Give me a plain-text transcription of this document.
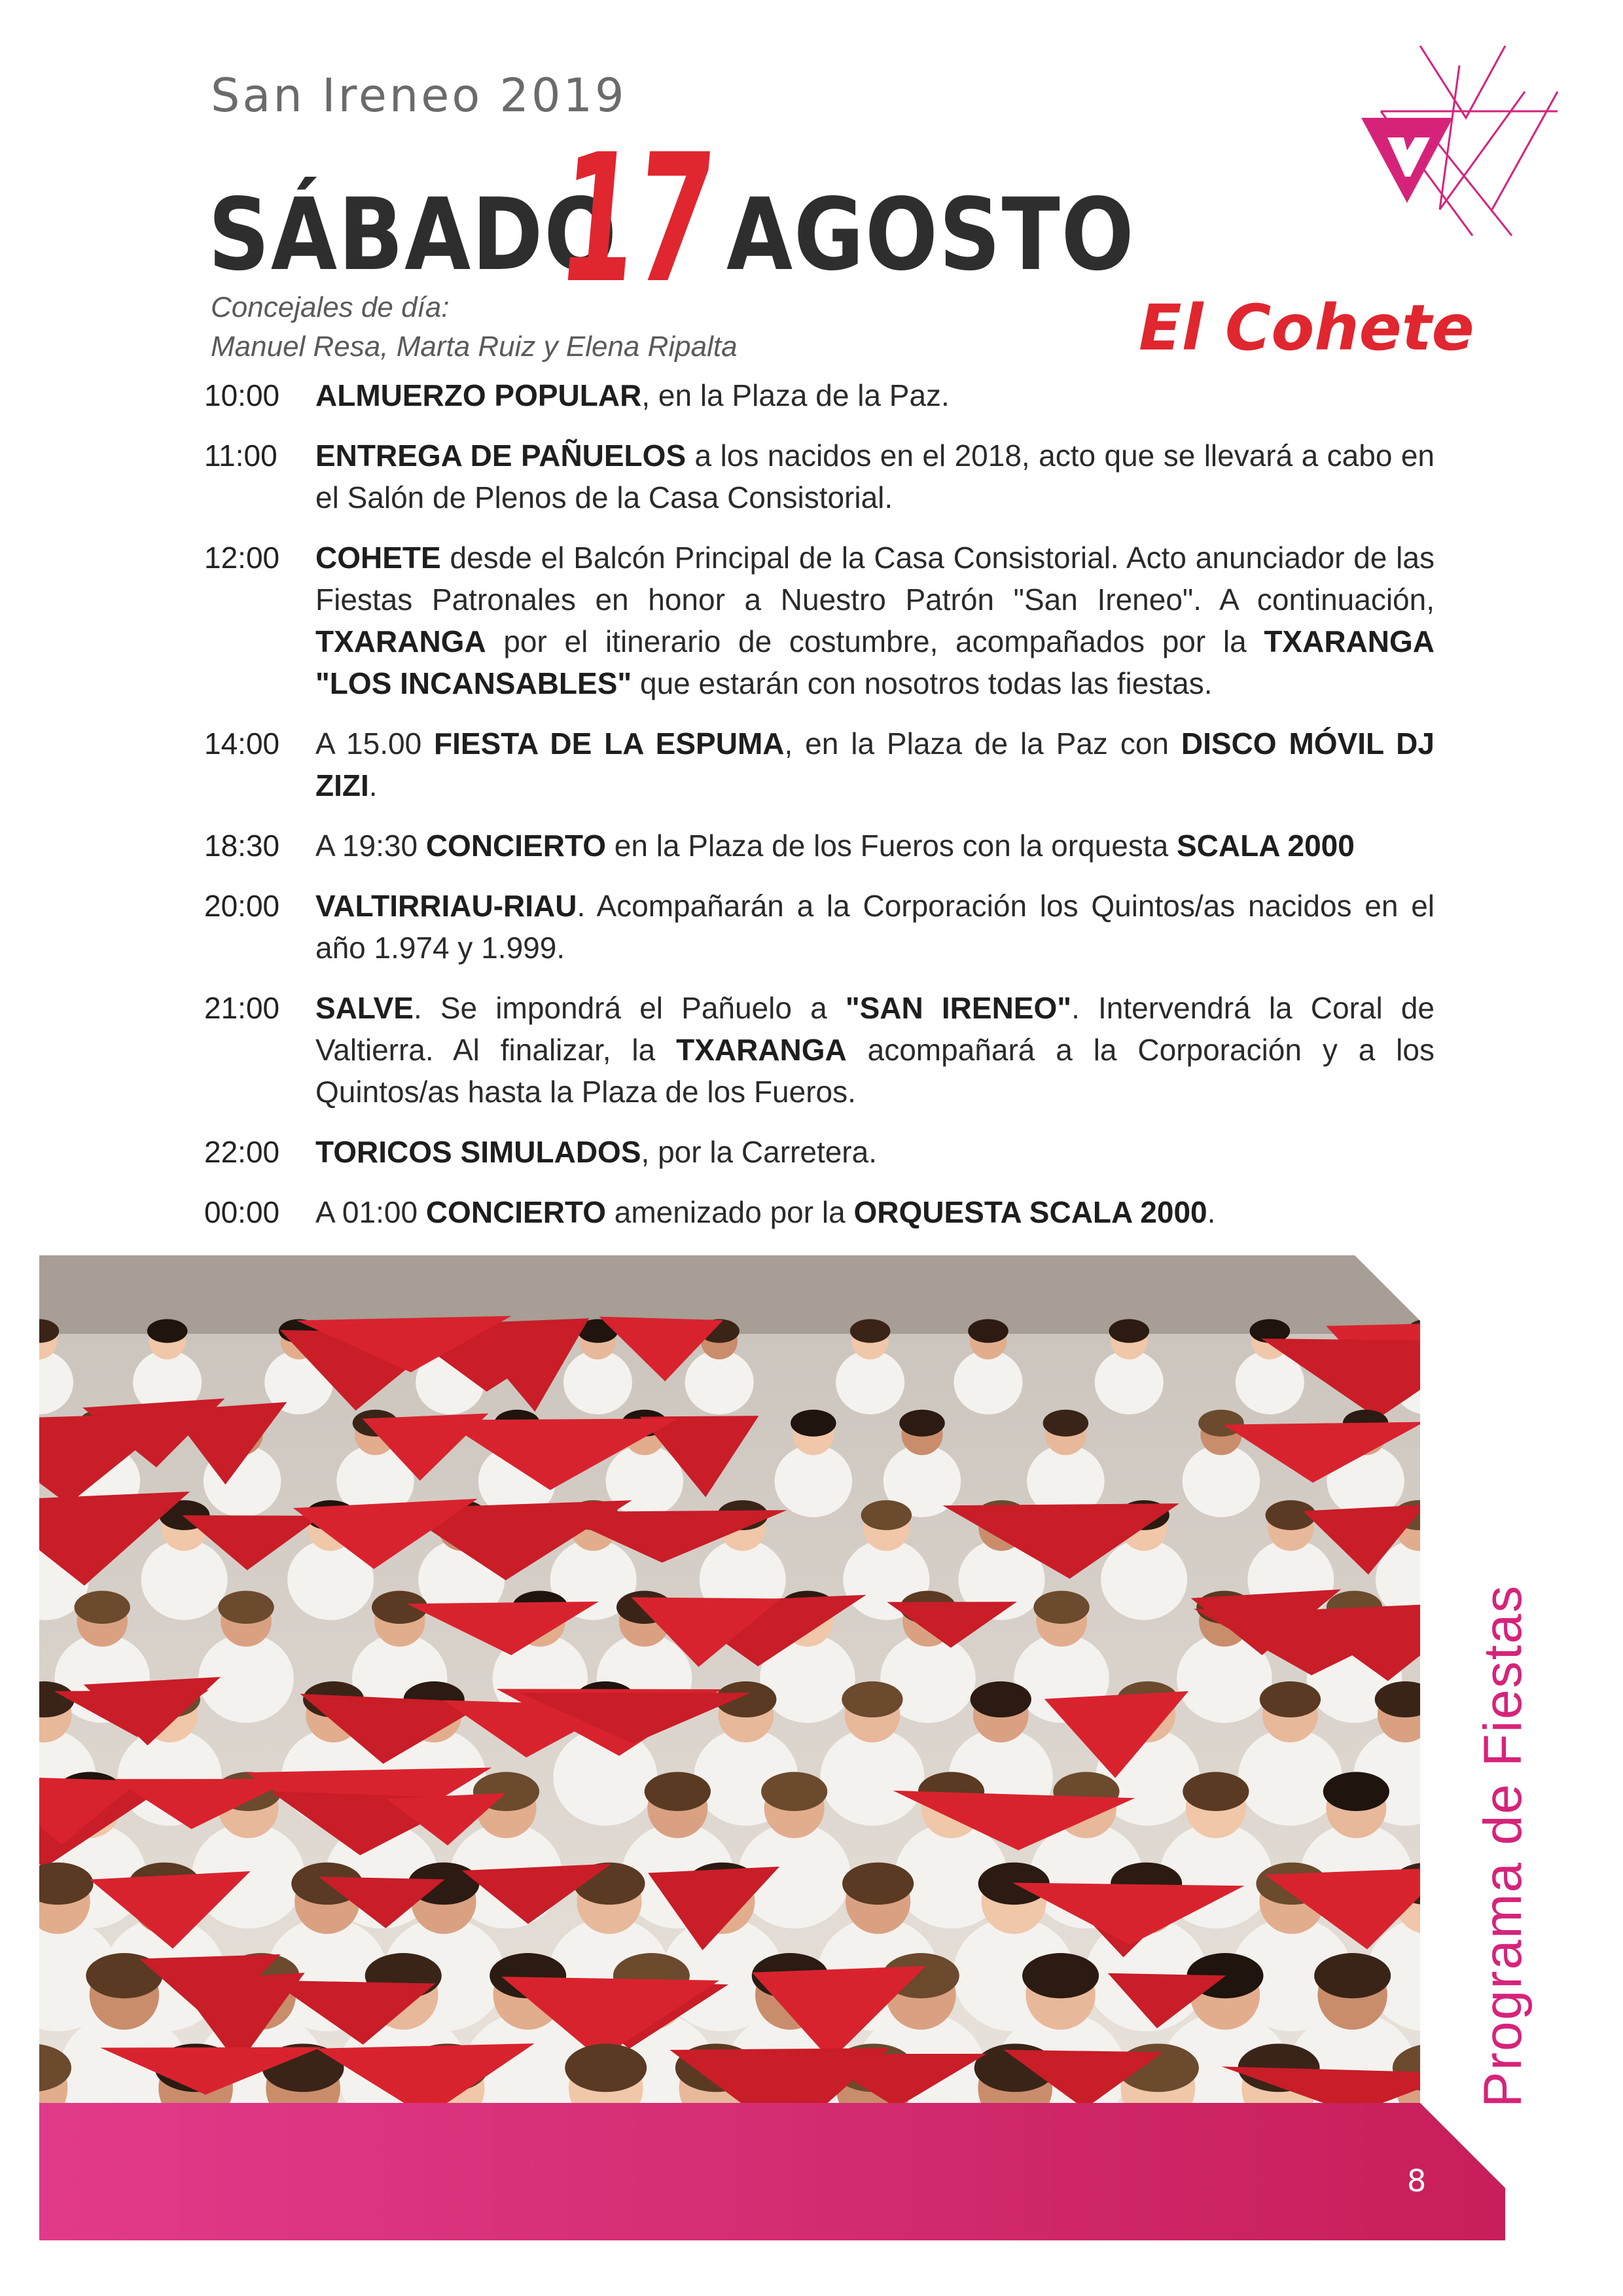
San Ireneo 2019
SÁBADO
17 AGOSTO
Concejales de día:
Manuel Resa, Marta Ruiz y Elena Ripalta	El Cohete
10:00	ALMUERZO POPULAR, en la Plaza de la Paz.
11:00	ENTREGA DE PAÑUELOS a los nacidos en el 2018, acto que se llevará a cabo en el Salón de Plenos de la Casa Consistorial.
12:00	COHETE desde el Balcón Principal de la Casa Consistorial. Acto anunciador de las Fiestas Patronales en honor a Nuestro Patrón "San Ireneo". A continuación, TXARANGA por el itinerario de costumbre, acompañados por la TXARANGA "LOS INCANSABLES" que estarán con nosotros todas las fiestas.
14:00	A 15.00 FIESTA DE LA ESPUMA, en la Plaza de la Paz con DISCO MÓVIL DJ ZIZI.
18:30	A 19:30 CONCIERTO en la Plaza de los Fueros con la orquesta SCALA 2000
20:00	VALTIRRIAU-RIAU. Acompañarán a la Corporación los Quintos/as nacidos en el año 1.974 y 1.999.
21:00	SALVE. Se impondrá el Pañuelo a "SAN IRENEO". Intervendrá la Coral de Valtierra. Al finalizar, la TXARANGA acompañará a la Corporación y a los Quintos/as hasta la Plaza de los Fueros.
22:00	TORICOS SIMULADOS, por la Carretera.
00:00	A 01:00 CONCIERTO amenizado por la ORQUESTA SCALA 2000.
8
Programa de Fiestas
